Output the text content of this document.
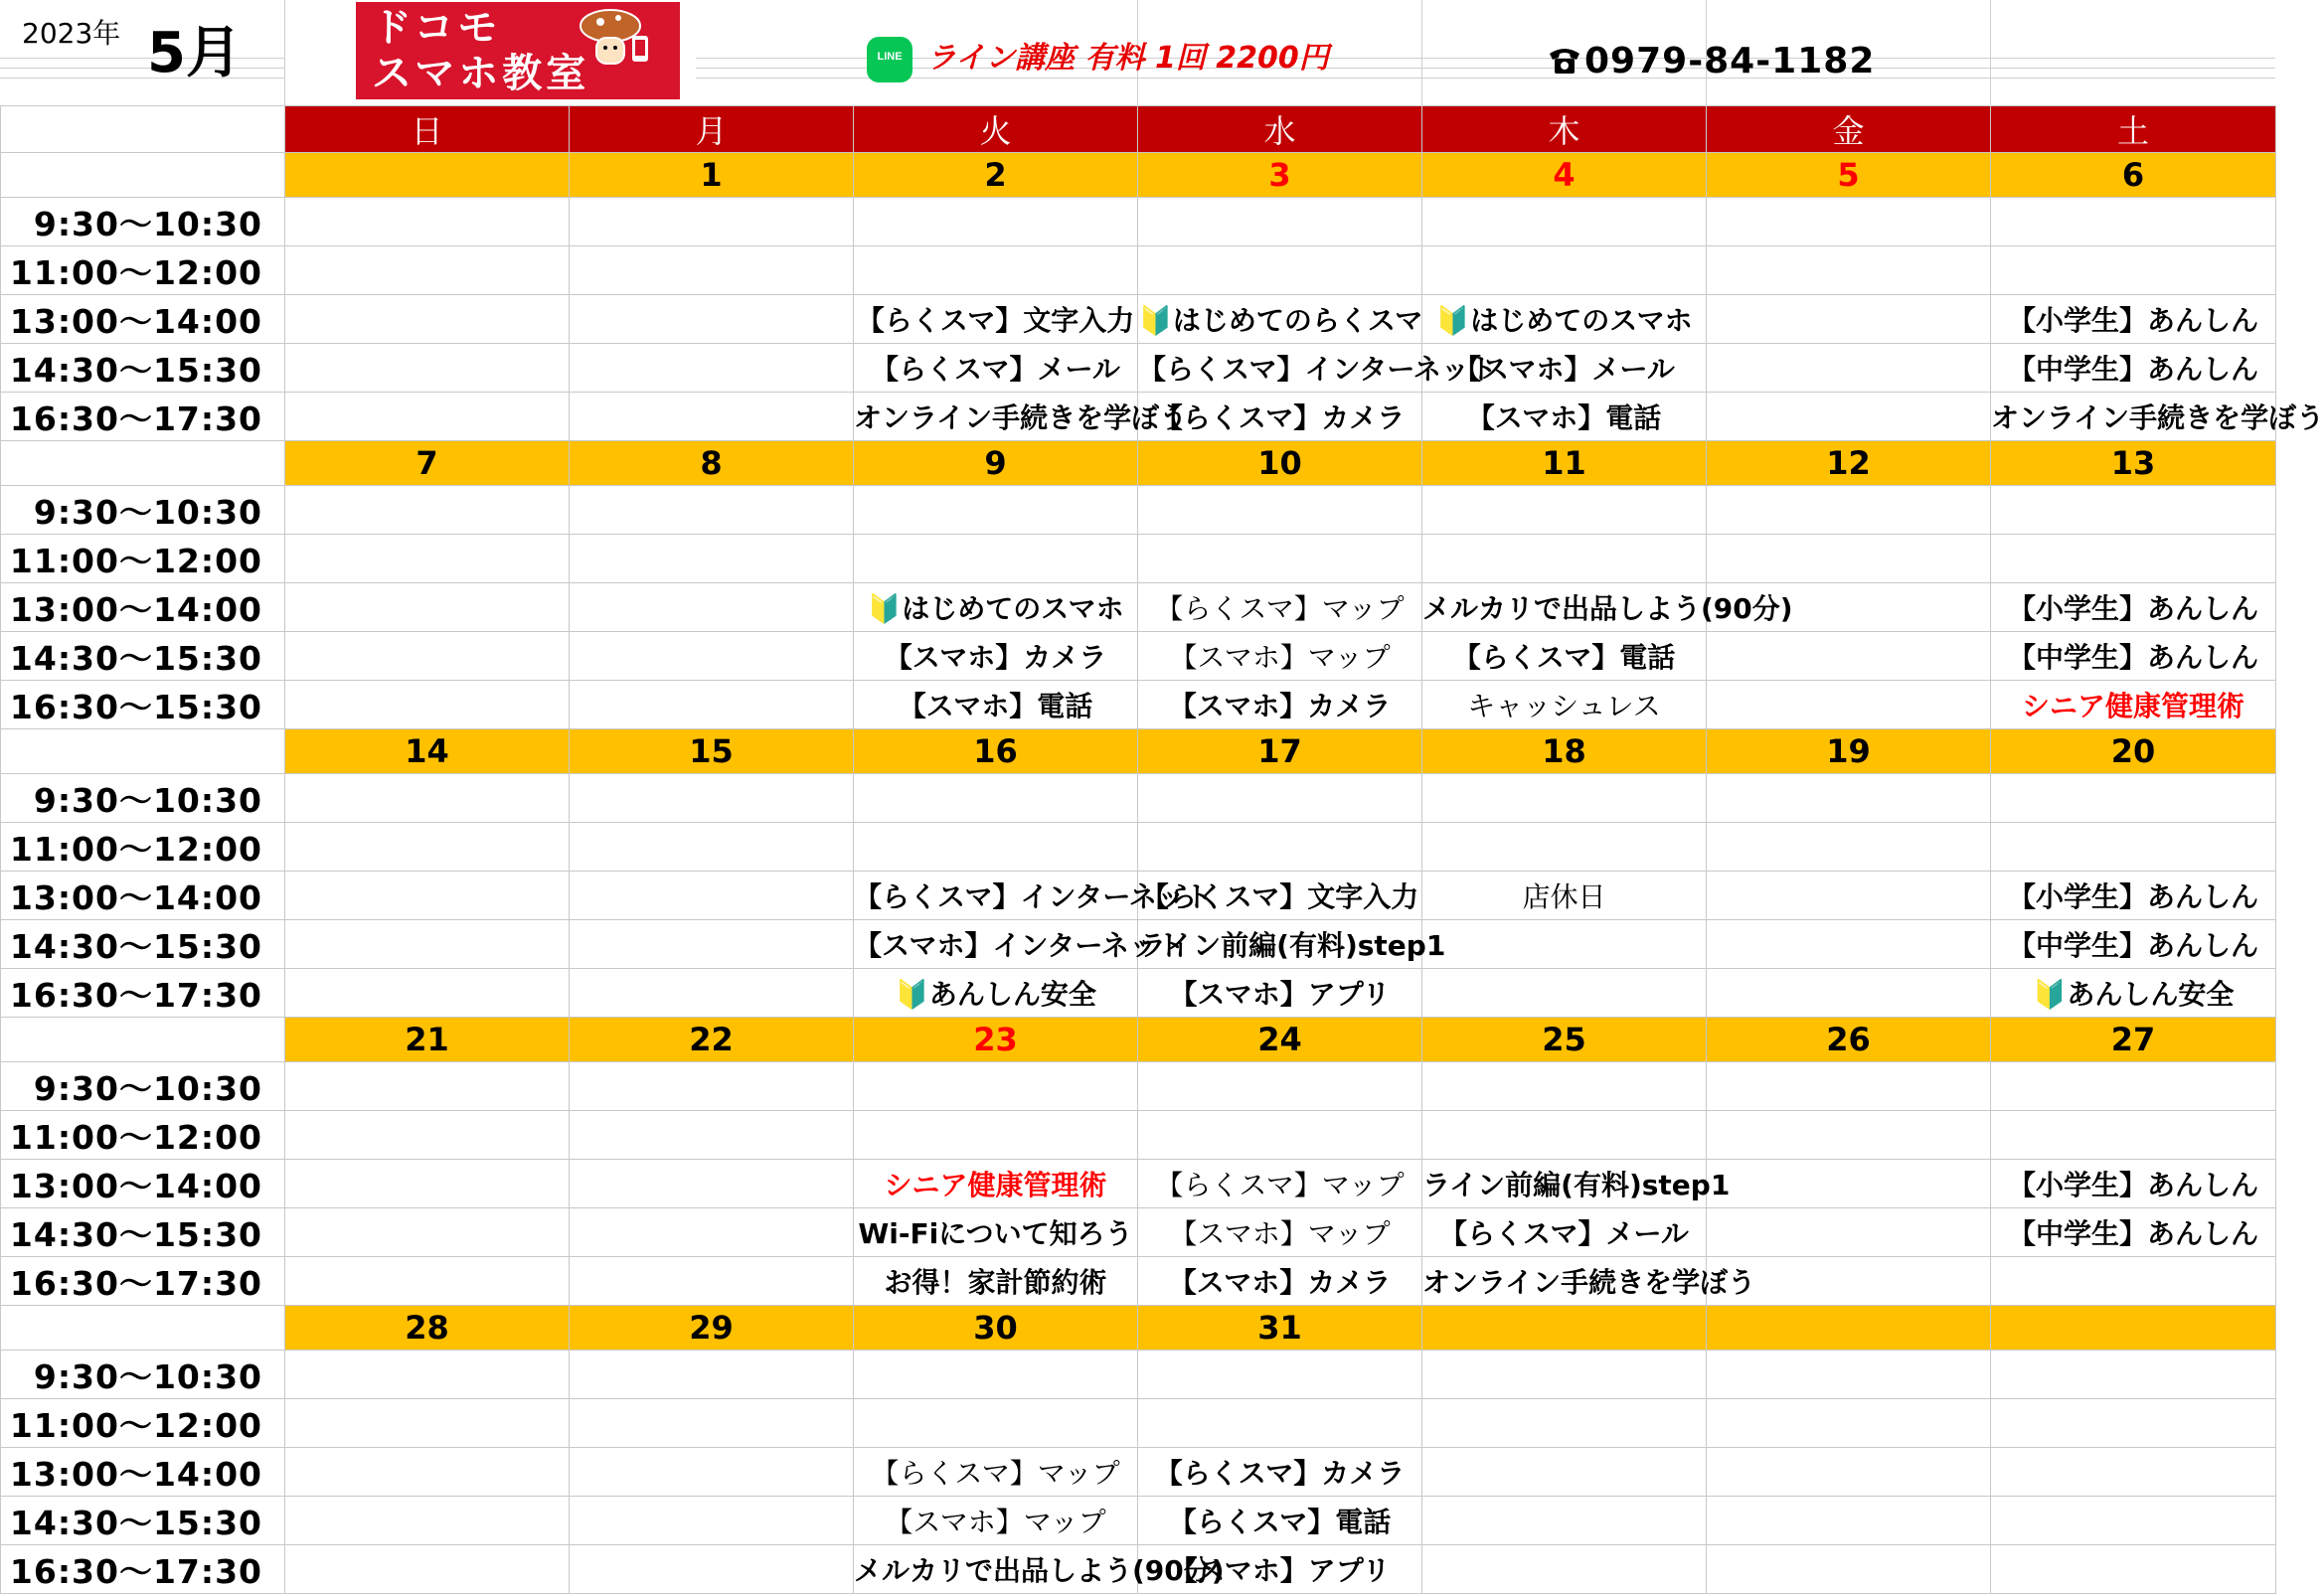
2023年 5月	ドコモ
スマホ教室	LINE ライン講座 有料 1回 2200円	0979-84-1182
	日	月	火	水	木	金	土
		1	2	3	4	5	6
9:30〜10:30							
11:00〜12:00							
13:00〜14:00			【らくスマ】文字入力	🔰はじめてのらくスマ	🔰はじめてのスマホ		【小学生】あんしん
14:30〜15:30			【らくスマ】メール	【らくスマ】インターネット	【スマホ】メール		【中学生】あんしん
16:30〜17:30			オンライン手続きを学ぼう	【らくスマ】カメラ	【スマホ】電話		オンライン手続きを学ぼう
	7	8	9	10	11	12	13
9:30〜10:30							
11:00〜12:00							
13:00〜14:00			🔰はじめてのスマホ	【らくスマ】マップ	メルカリで出品しよう(90分)		【小学生】あんしん
14:30〜15:30			【スマホ】カメラ	【スマホ】マップ	【らくスマ】電話		【中学生】あんしん
16:30〜15:30			【スマホ】電話	【スマホ】カメラ	キャッシュレス		シニア健康管理術
	14	15	16	17	18	19	20
9:30〜10:30							
11:00〜12:00							
13:00〜14:00			【らくスマ】インターネット	【らくスマ】文字入力	店休日		【小学生】あんしん
14:30〜15:30			【スマホ】インターネット	ライン前編(有料)step1			【中学生】あんしん
16:30〜17:30			🔰あんしん安全	【スマホ】アプリ			🔰あんしん安全
	21	22	23	24	25	26	27
9:30〜10:30							
11:00〜12:00							
13:00〜14:00			シニア健康管理術	【らくスマ】マップ	ライン前編(有料)step1		【小学生】あんしん
14:30〜15:30			Wi-Fiについて知ろう	【スマホ】マップ	【らくスマ】メール		【中学生】あんしん
16:30〜17:30			お得！家計節約術	【スマホ】カメラ	オンライン手続きを学ぼう		
	28	29	30	31			
9:30〜10:30							
11:00〜12:00							
13:00〜14:00			【らくスマ】マップ	【らくスマ】カメラ			
14:30〜15:30			【スマホ】マップ	【らくスマ】電話			
16:30〜17:30			メルカリで出品しよう(90分)	【スマホ】アプリ			
